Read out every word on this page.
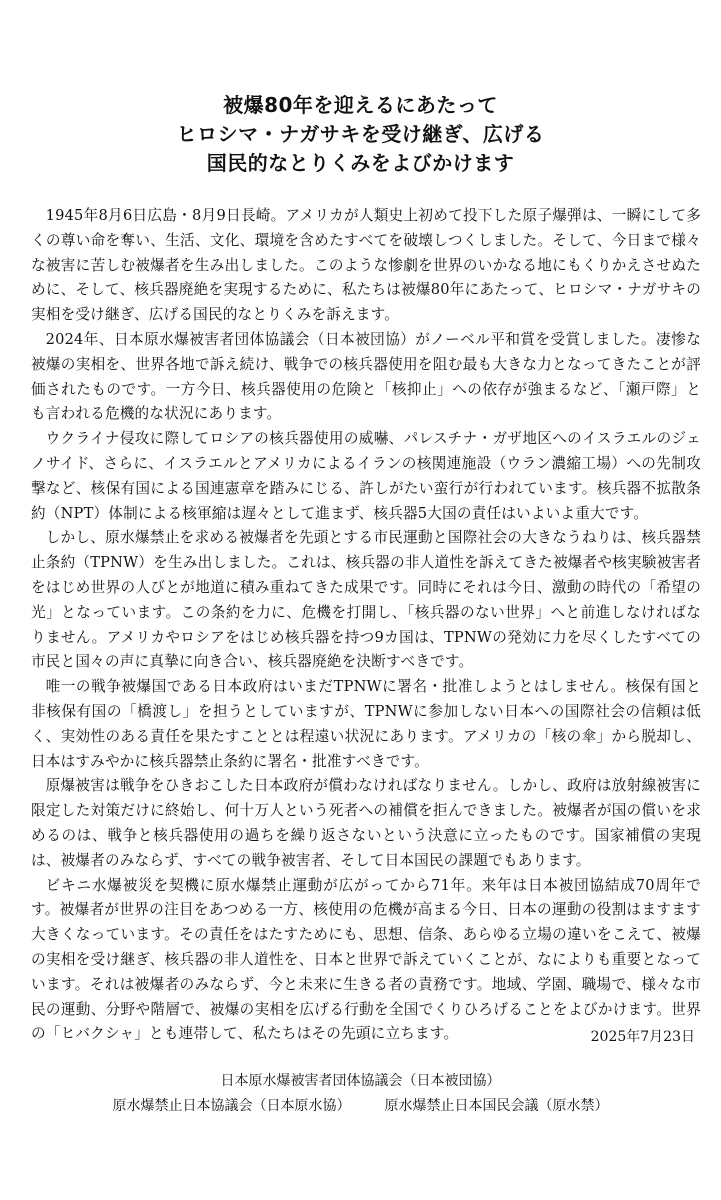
被爆80年を迎えるにあたって
ヒロシマ・ナガサキを受け継ぎ、広げる
国民的なとりくみをよびかけます

1945年8月6日広島・8月9日長崎。アメリカが人類史上初めて投下した原子爆弾は、一瞬にして多くの尊い命を奪い、生活、文化、環境を含めたすべてを破壊しつくしました。そして、今日まで様々な被害に苦しむ被爆者を生み出しました。このような惨劇を世界のいかなる地にもくりかえさせぬために、そして、核兵器廃絶を実現するために、私たちは被爆80年にあたって、ヒロシマ・ナガサキの実相を受け継ぎ、広げる国民的なとりくみを訴えます。

2024年、日本原水爆被害者団体協議会（日本被団協）がノーベル平和賞を受賞しました。凄惨な被爆の実相を、世界各地で訴え続け、戦争での核兵器使用を阻む最も大きな力となってきたことが評価されたものです。一方今日、核兵器使用の危険と「核抑止」への依存が強まるなど、「瀬戸際」とも言われる危機的な状況にあります。

ウクライナ侵攻に際してロシアの核兵器使用の威嚇、パレスチナ・ガザ地区へのイスラエルのジェノサイド、さらに、イスラエルとアメリカによるイランの核関連施設（ウラン濃縮工場）への先制攻撃など、核保有国による国連憲章を踏みにじる、許しがたい蛮行が行われています。核兵器不拡散条約（NPT）体制による核軍縮は遅々として進まず、核兵器5大国の責任はいよいよ重大です。

しかし、原水爆禁止を求める被爆者を先頭とする市民運動と国際社会の大きなうねりは、核兵器禁止条約（TPNW）を生み出しました。これは、核兵器の非人道性を訴えてきた被爆者や核実験被害者をはじめ世界の人びとが地道に積み重ねてきた成果です。同時にそれは今日、激動の時代の「希望の光」となっています。この条約を力に、危機を打開し、「核兵器のない世界」へと前進しなければなりません。アメリカやロシアをはじめ核兵器を持つ9カ国は、TPNWの発効に力を尽くしたすべての市民と国々の声に真摯に向き合い、核兵器廃絶を決断すべきです。

唯一の戦争被爆国である日本政府はいまだTPNWに署名・批准しようとはしません。核保有国と非核保有国の「橋渡し」を担うとしていますが、TPNWに参加しない日本への国際社会の信頼は低く、実効性のある責任を果たすこととは程遠い状況にあります。アメリカの「核の傘」から脱却し、日本はすみやかに核兵器禁止条約に署名・批准すべきです。

原爆被害は戦争をひきおこした日本政府が償わなければなりません。しかし、政府は放射線被害に限定した対策だけに終始し、何十万人という死者への補償を拒んできました。被爆者が国の償いを求めるのは、戦争と核兵器使用の過ちを繰り返さないという決意に立ったものです。国家補償の実現は、被爆者のみならず、すべての戦争被害者、そして日本国民の課題でもあります。

ビキニ水爆被災を契機に原水爆禁止運動が広がってから71年。来年は日本被団協結成70周年です。被爆者が世界の注目をあつめる一方、核使用の危機が高まる今日、日本の運動の役割はますます大きくなっています。その責任をはたすためにも、思想、信条、あらゆる立場の違いをこえて、被爆の実相を受け継ぎ、核兵器の非人道性を、日本と世界で訴えていくことが、なによりも重要となっています。それは被爆者のみならず、今と未来に生きる者の責務です。地域、学園、職場で、様々な市民の運動、分野や階層で、被爆の実相を広げる行動を全国でくりひろげることをよびかけます。世界の「ヒバクシャ」とも連帯して、私たちはその先頭に立ちます。	2025年7月23日
日本原水爆被害者団体協議会（日本被団協）
原水爆禁止日本協議会（日本原水協） 原水爆禁止日本国民会議（原水禁）
